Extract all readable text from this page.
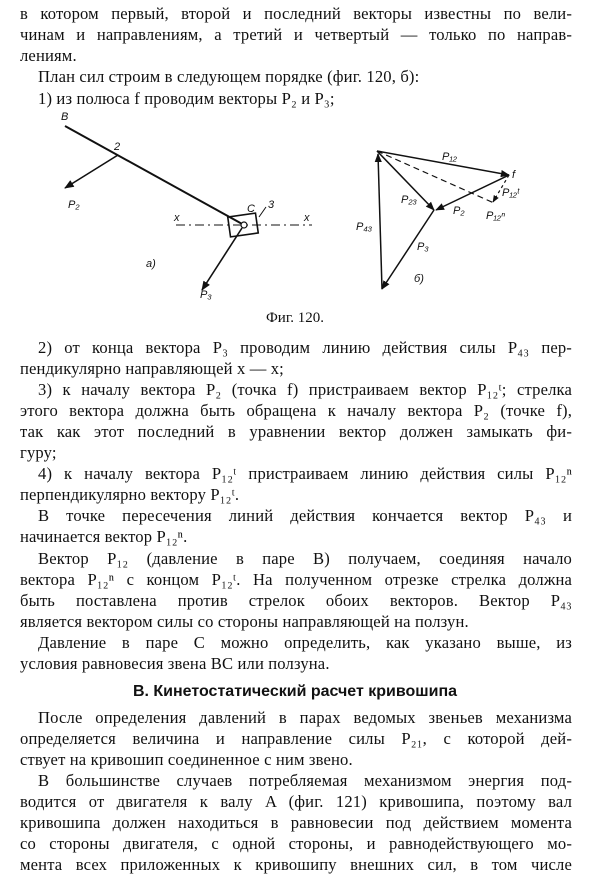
в котором первый, второй и последний векторы известны по вели-
чинам и направлениям, а третий и четвертый — только по направ-
лениям.
План сил строим в следующем порядке (фиг. 120, б):
1) из полюса f проводим векторы P₂ и P₃;
B
2
C 3
x	x
P₂
P₃
а)
P₁₂
f
P₁₂ᵗ
P₁₂ⁿ
P₂₃
P₂
P₄₃
P₃
б)
Фиг. 120.
2) от конца вектора P₃ проводим линию действия силы P₄₃ пер-
пендикулярно направляющей x — x;
3) к началу вектора P₂ (точка f) пристраиваем вектор P₁₂ᵗ; стрелка
этого вектора должна быть обращена к началу вектора P₂ (точке f),
так как этот последний в уравнении вектор должен замыкать фи-
гуру;
4) к началу вектора P₁₂ᵗ пристраиваем линию действия силы P₁₂ⁿ
перпендикулярно вектору P₁₂ᵗ.
В точке пересечения линий действия кончается вектор P₄₃ и
начинается вектор P₁₂ⁿ.
Вектор P₁₂ (давление в паре B) получаем, соединяя начало
вектора P₁₂ⁿ с концом P₁₂ᵗ. На полученном отрезке стрелка должна
быть поставлена против стрелок обоих векторов. Вектор P₄₃
является вектором силы со стороны направляющей на ползун.
Давление в паре C можно определить, как указано выше, из
условия равновесия звена BC или ползуна.
В. Кинетостатический расчет кривошипа
После определения давлений в парах ведомых звеньев механизма
определяется величина и направление силы P₂₁, с которой дей-
ствует на кривошип соединенное с ним звено.
В большинстве случаев потребляемая механизмом энергия под-
водится от двигателя к валу A (фиг. 121) кривошипа, поэтому вал
кривошипа должен находиться в равновесии под действием момента
со стороны двигателя, с одной стороны, и равнодействующего мо-
мента всех приложенных к кривошипу внешних сил, в том числе
